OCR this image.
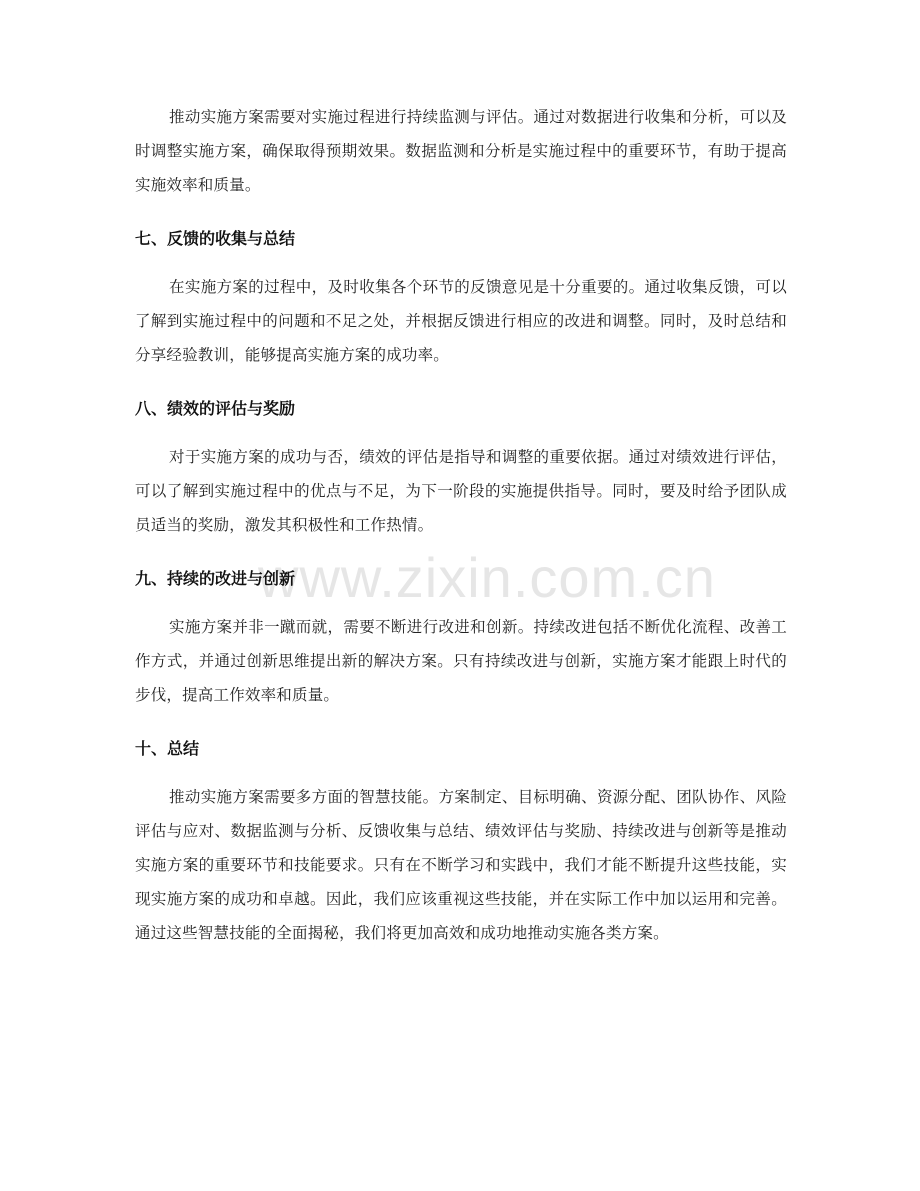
www.zixin.com.cn

推动实施方案需要对实施过程进行持续监测与评估。通过对数据进行收集和分析，可以及时调整实施方案，确保取得预期效果。数据监测和分析是实施过程中的重要环节，有助于提高实施效率和质量。

七、反馈的收集与总结

在实施方案的过程中，及时收集各个环节的反馈意见是十分重要的。通过收集反馈，可以了解到实施过程中的问题和不足之处，并根据反馈进行相应的改进和调整。同时，及时总结和分享经验教训，能够提高实施方案的成功率。

八、绩效的评估与奖励

对于实施方案的成功与否，绩效的评估是指导和调整的重要依据。通过对绩效进行评估，可以了解到实施过程中的优点与不足，为下一阶段的实施提供指导。同时，要及时给予团队成员适当的奖励，激发其积极性和工作热情。

九、持续的改进与创新

实施方案并非一蹴而就，需要不断进行改进和创新。持续改进包括不断优化流程、改善工作方式，并通过创新思维提出新的解决方案。只有持续改进与创新，实施方案才能跟上时代的步伐，提高工作效率和质量。

十、总结

推动实施方案需要多方面的智慧技能。方案制定、目标明确、资源分配、团队协作、风险评估与应对、数据监测与分析、反馈收集与总结、绩效评估与奖励、持续改进与创新等是推动实施方案的重要环节和技能要求。只有在不断学习和实践中，我们才能不断提升这些技能，实现实施方案的成功和卓越。因此，我们应该重视这些技能，并在实际工作中加以运用和完善。通过这些智慧技能的全面揭秘，我们将更加高效和成功地推动实施各类方案。
